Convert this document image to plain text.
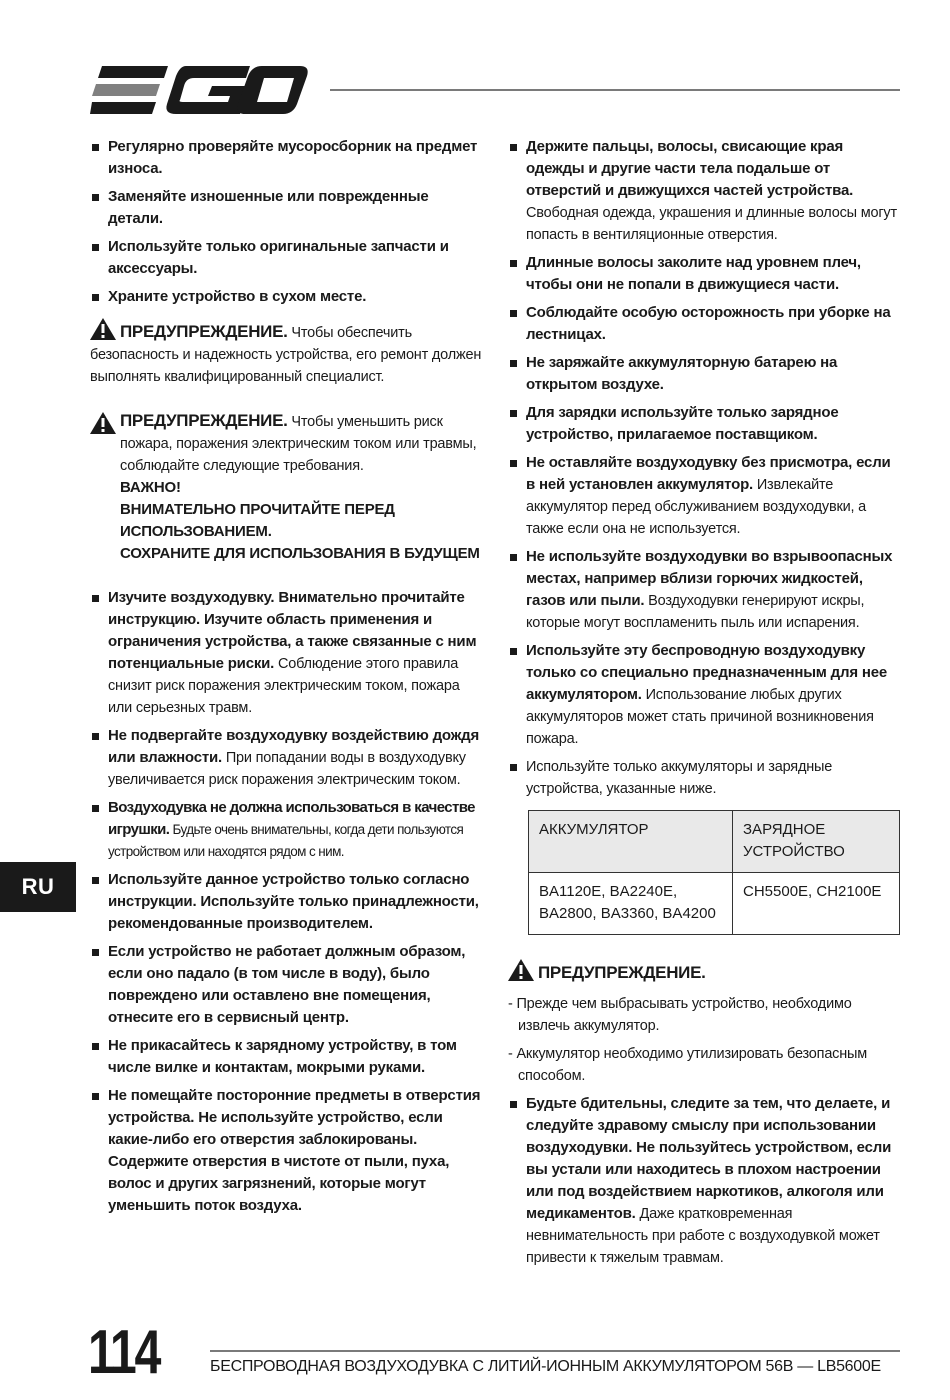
Регулярно проверяйте мусоросборник на предмет износа.
Заменяйте изношенные или поврежденные детали.
Используйте только оригинальные запчасти и аксессуары.
Храните устройство в сухом месте.
ПРЕДУПРЕЖДЕНИЕ. Чтобы обеспечить безопасность и надежность устройства, его ремонт должен выполнять квалифицированный специалист.
ПРЕДУПРЕЖДЕНИЕ. Чтобы уменьшить риск пожара, поражения электрическим током или травмы, соблюдайте следующие требования.
ВАЖНО!
ВНИМАТЕЛЬНО ПРОЧИТАЙТЕ ПЕРЕД ИСПОЛЬЗОВАНИЕМ.
СОХРАНИТЕ ДЛЯ ИСПОЛЬЗОВАНИЯ В БУДУЩЕМ
Изучите воздуходувку. Внимательно прочитайте инструкцию. Изучите область применения и ограничения устройства, а также связанные с ним потенциальные риски. Соблюдение этого правила снизит риск поражения электрическим током, пожара или серьезных травм.
Не подвергайте воздуходувку воздействию дождя или влажности. При попадании воды в воздуходувку увеличивается риск поражения электрическим током.
Воздуходувка не должна использоваться в качестве игрушки. Будьте очень внимательны, когда дети пользуются устройством или находятся рядом с ним.
Используйте данное устройство только согласно инструкции. Используйте только принадлежности, рекомендованные производителем.
Если устройство не работает должным образом, если оно падало (в том числе в воду), было повреждено или оставлено вне помещения, отнесите его в сервисный центр.
Не прикасайтесь к зарядному устройству, в том числе вилке и контактам, мокрыми руками.
Не помещайте посторонние предметы в отверстия устройства. Не используйте устройство, если какие-либо его отверстия заблокированы. Содержите отверстия в чистоте от пыли, пуха, волос и других загрязнений, которые могут уменьшить поток воздуха.
Держите пальцы, волосы, свисающие края одежды и другие части тела подальше от отверстий и движущихся частей устройства. Свободная одежда, украшения и длинные волосы могут попасть в вентиляционные отверстия.
Длинные волосы заколите над уровнем плеч, чтобы они не попали в движущиеся части.
Соблюдайте особую осторожность при уборке на лестницах.
Не заряжайте аккумуляторную батарею на открытом воздухе.
Для зарядки используйте только зарядное устройство, прилагаемое поставщиком.
Не оставляйте воздуходувку без присмотра, если в ней установлен аккумулятор. Извлекайте аккумулятор перед обслуживанием воздуходувки, а также если она не используется.
Не используйте воздуходувки во взрывоопасных местах, например вблизи горючих жидкостей, газов или пыли. Воздуходувки генерируют искры, которые могут воспламенить пыль или испарения.
Используйте эту беспроводную воздуходувку только со специально предназначенным для нее аккумулятором. Использование любых других аккумуляторов может стать причиной возникновения пожара.
Используйте только аккумуляторы и зарядные устройства, указанные ниже.
АККУМУЛЯТОР	ЗАРЯДНОЕ УСТРОЙСТВО
BA1120E, BA2240E, BA2800, BA3360, BA4200	CH5500E, CH2100E
ПРЕДУПРЕЖДЕНИЕ.
- Прежде чем выбрасывать устройство, необходимо извлечь аккумулятор.
- Аккумулятор необходимо утилизировать безопасным способом.
Будьте бдительны, следите за тем, что делаете, и следуйте здравому смыслу при использовании воздуходувки. Не пользуйтесь устройством, если вы устали или находитесь в плохом настроении или под воздействием наркотиков, алкоголя или медикаментов. Даже кратковременная невнимательность при работе с воздуходувкой может привести к тяжелым травмам.
RU
114	БЕСПРОВОДНАЯ ВОЗДУХОДУВКА С ЛИТИЙ-ИОННЫМ АККУМУЛЯТОРОМ 56В — LB5600E
